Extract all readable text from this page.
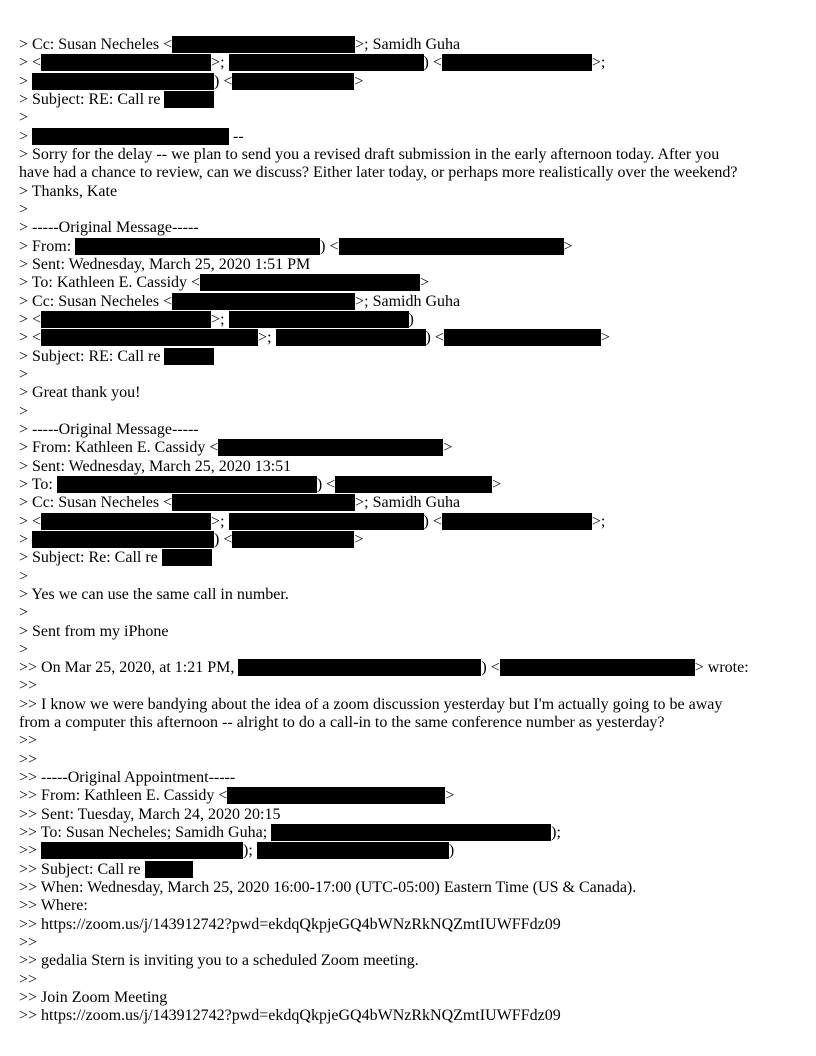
> Cc: Susan Necheles <	>; Samidh Guha
> <	>;	) <	>;
>	) <	>
> Subject: RE: Call re
>
>	--
> Sorry for the delay -- we plan to send you a revised draft submission in the early afternoon today. After you
have had a chance to review, can we discuss? Either later today, or perhaps more realistically over the weekend?
> Thanks, Kate
>
> -----Original Message-----
> From:	) <	>
> Sent: Wednesday, March 25, 2020 1:51 PM
> To: Kathleen E. Cassidy <	>
> Cc: Susan Necheles <	>; Samidh Guha
> <	>;	)
> <	>;	) <	>
> Subject: RE: Call re
>
> Great thank you!
>
> -----Original Message-----
> From: Kathleen E. Cassidy <	>
> Sent: Wednesday, March 25, 2020 13:51
> To:	) <	>
> Cc: Susan Necheles <	>; Samidh Guha
> <	>;	) <	>;
>	) <	>
> Subject: Re: Call re
>
> Yes we can use the same call in number.
>
> Sent from my iPhone
>
>> On Mar 25, 2020, at 1:21 PM,	) <	> wrote:
>>
>> I know we were bandying about the idea of a zoom discussion yesterday but I'm actually going to be away
from a computer this afternoon -- alright to do a call-in to the same conference number as yesterday?
>>
>>
>> -----Original Appointment-----
>> From: Kathleen E. Cassidy <	>
>> Sent: Tuesday, March 24, 2020 20:15
>> To: Susan Necheles; Samidh Guha;	);
>>	);	)
>> Subject: Call re
>> When: Wednesday, March 25, 2020 16:00-17:00 (UTC-05:00) Eastern Time (US & Canada).
>> Where:
>> https://zoom.us/j/143912742?pwd=ekdqQkpjeGQ4bWNzRkNQZmtIUWFFdz09
>>
>> gedalia Stern is inviting you to a scheduled Zoom meeting.
>>
>> Join Zoom Meeting
>> https://zoom.us/j/143912742?pwd=ekdqQkpjeGQ4bWNzRkNQZmtIUWFFdz09
